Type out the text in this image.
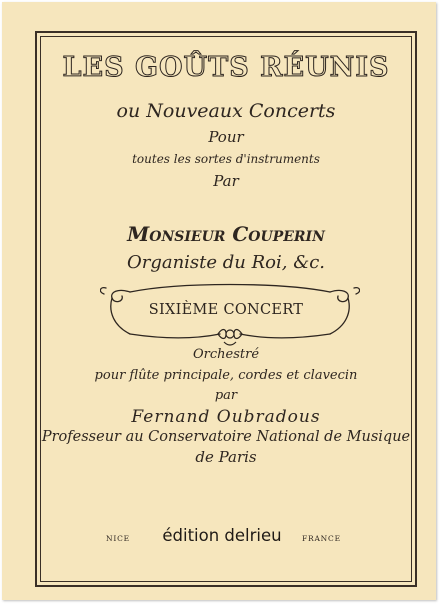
LES GOÛTS RÉUNIS
ou Nouveaux Concerts
Pour
toutes les sortes d'instruments
Par
Monsieur Couperin
Organiste du Roi, &c.
SIXIÈME CONCERT
Orchestré
pour flûte principale, cordes et clavecin
par
Fernand Oubradous
Professeur au Conservatoire National de Musique
de Paris
NICE	édition delrieu	FRANCE
